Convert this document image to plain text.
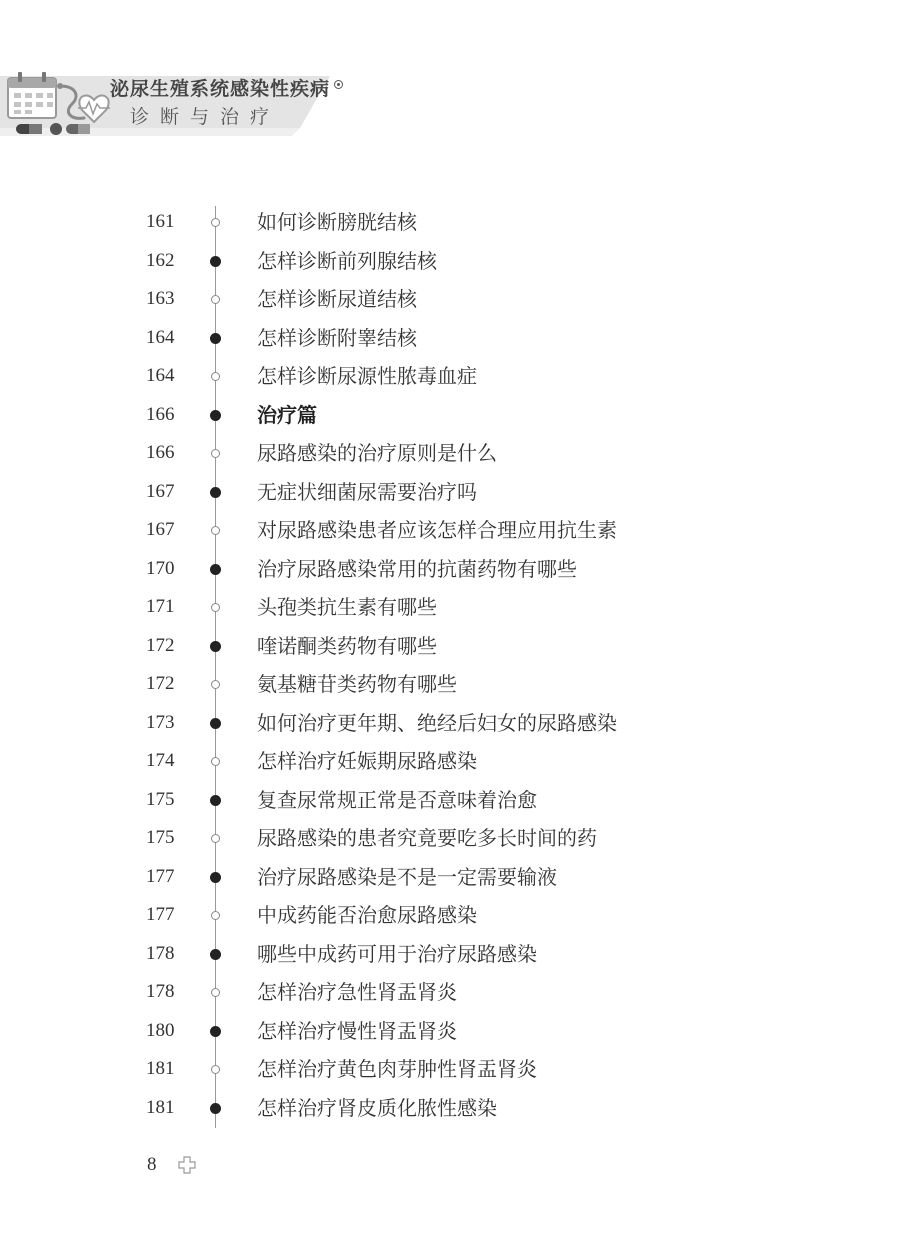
泌尿生殖系统感染性疾病
诊断与治疗
161	如何诊断膀胱结核
162	怎样诊断前列腺结核
163	怎样诊断尿道结核
164	怎样诊断附睾结核
164	怎样诊断尿源性脓毒血症
166	治疗篇
166	尿路感染的治疗原则是什么
167	无症状细菌尿需要治疗吗
167	对尿路感染患者应该怎样合理应用抗生素
170	治疗尿路感染常用的抗菌药物有哪些
171	头孢类抗生素有哪些
172	喹诺酮类药物有哪些
172	氨基糖苷类药物有哪些
173	如何治疗更年期、绝经后妇女的尿路感染
174	怎样治疗妊娠期尿路感染
175	复查尿常规正常是否意味着治愈
175	尿路感染的患者究竟要吃多长时间的药
177	治疗尿路感染是不是一定需要输液
177	中成药能否治愈尿路感染
178	哪些中成药可用于治疗尿路感染
178	怎样治疗急性肾盂肾炎
180	怎样治疗慢性肾盂肾炎
181	怎样治疗黄色肉芽肿性肾盂肾炎
181	怎样治疗肾皮质化脓性感染
8
